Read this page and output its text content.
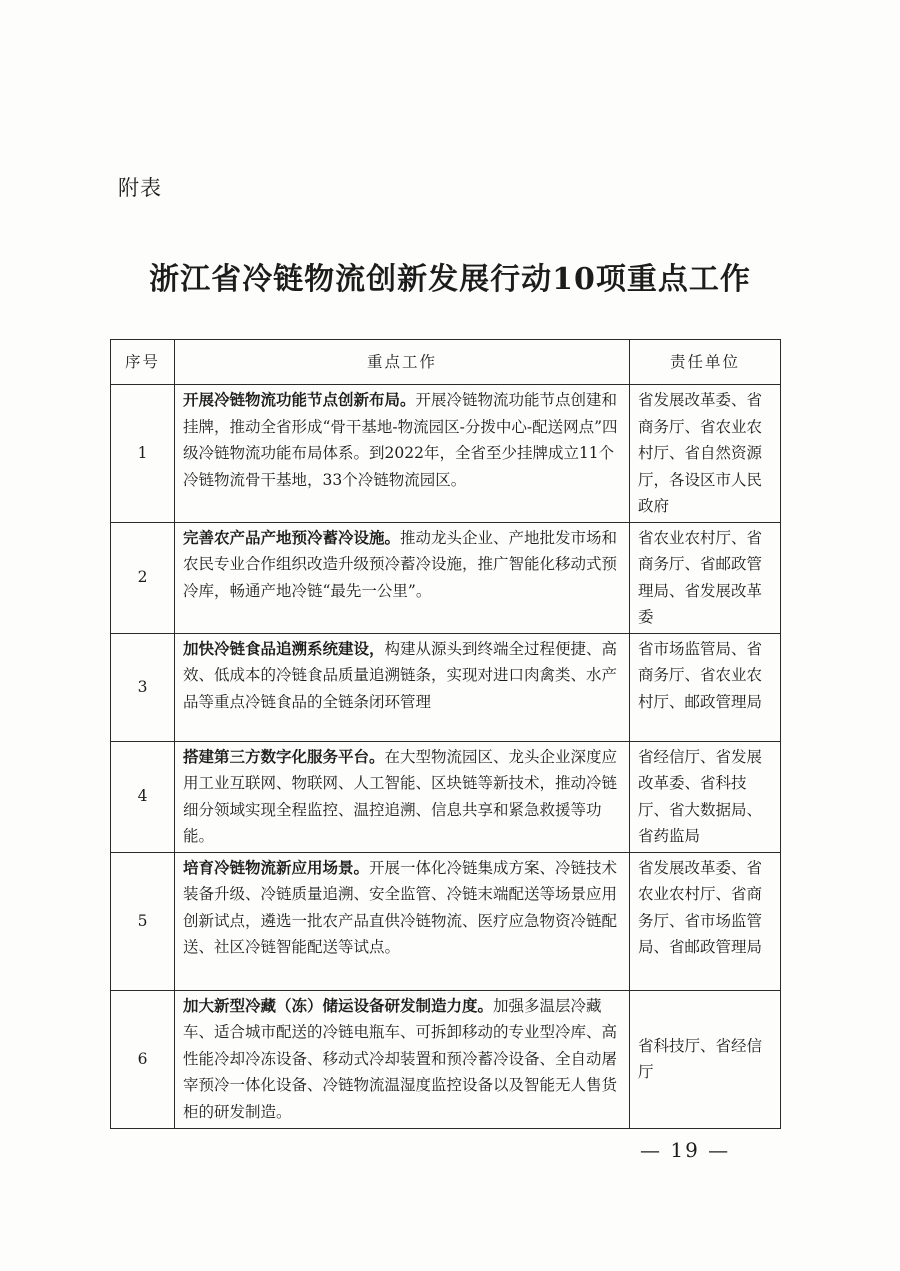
附表
浙江省冷链物流创新发展行动10项重点工作
序号	重点工作	责任单位
1	开展冷链物流功能节点创新布局。开展冷链物流功能节点创建和挂牌，推动全省形成“骨干基地-物流园区-分拨中心-配送网点”四级冷链物流功能布局体系。到2022年，全省至少挂牌成立11个冷链物流骨干基地，33个冷链物流园区。	省发展改革委、省商务厅、省农业农村厅、省自然资源厅，各设区市人民政府
2	完善农产品产地预冷蓄冷设施。推动龙头企业、产地批发市场和农民专业合作组织改造升级预冷蓄冷设施，推广智能化移动式预冷库，畅通产地冷链“最先一公里”。	省农业农村厅、省商务厅、省邮政管理局、省发展改革委
3	加快冷链食品追溯系统建设，构建从源头到终端全过程便捷、高效、低成本的冷链食品质量追溯链条，实现对进口肉禽类、水产品等重点冷链食品的全链条闭环管理	省市场监管局、省商务厅、省农业农村厅、邮政管理局
4	搭建第三方数字化服务平台。在大型物流园区、龙头企业深度应用工业互联网、物联网、人工智能、区块链等新技术，推动冷链细分领域实现全程监控、温控追溯、信息共享和紧急救援等功能。	省经信厅、省发展改革委、省科技厅、省大数据局、省药监局
5	培育冷链物流新应用场景。开展一体化冷链集成方案、冷链技术装备升级、冷链质量追溯、安全监管、冷链末端配送等场景应用创新试点，遴选一批农产品直供冷链物流、医疗应急物资冷链配送、社区冷链智能配送等试点。	省发展改革委、省农业农村厅、省商务厅、省市场监管局、省邮政管理局
6	加大新型冷藏（冻）储运设备研发制造力度。加强多温层冷藏车、适合城市配送的冷链电瓶车、可拆卸移动的专业型冷库、高性能冷却冷冻设备、移动式冷却装置和预冷蓄冷设备、全自动屠宰预冷一体化设备、冷链物流温湿度监控设备以及智能无人售货柜的研发制造。	省科技厅、省经信厅
— 19 —
